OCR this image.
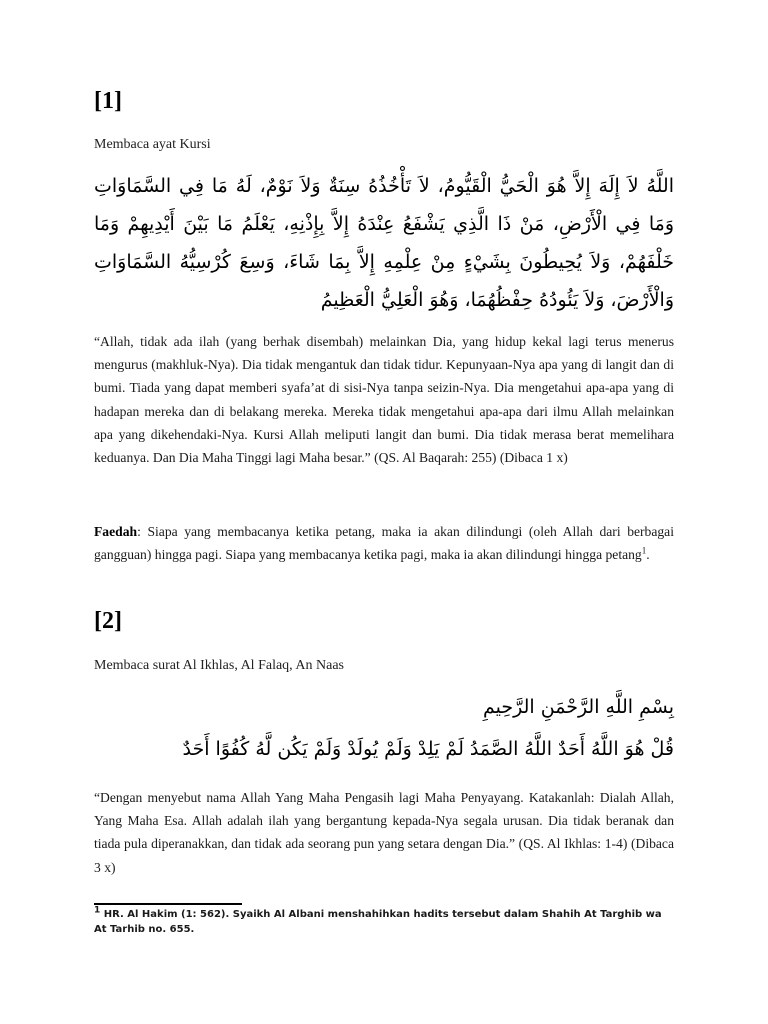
[1]
Membaca ayat Kursi
اللَّهُ لاَ إِلَهَ إِلاَّ هُوَ الْحَيُّ الْقَيُّومُ، لاَ تَأْخُذُهُ سِنَةٌ وَلاَ نَوْمٌ، لَهُ مَا فِي السَّمَاوَاتِ وَمَا فِي الْأَرْضِ، مَنْ ذَا الَّذِي يَشْفَعُ عِنْدَهُ إِلاَّ بِإِذْنِهِ، يَعْلَمُ مَا بَيْنَ أَيْدِيهِمْ وَمَا خَلْفَهُمْ، وَلاَ يُحِيطُونَ بِشَيْءٍ مِنْ عِلْمِهِ إِلاَّ بِمَا شَاءَ، وَسِعَ كُرْسِيُّهُ السَّمَاوَاتِ وَالْأَرْضَ، وَلاَ يَئُودُهُ حِفْظُهُمَا، وَهُوَ الْعَلِيُّ الْعَظِيمُ
“Allah, tidak ada ilah (yang berhak disembah) melainkan Dia, yang hidup kekal lagi terus menerus mengurus (makhluk-Nya). Dia tidak mengantuk dan tidak tidur. Kepunyaan-Nya apa yang di langit dan di bumi. Tiada yang dapat memberi syafa’at di sisi-Nya tanpa seizin-Nya. Dia mengetahui apa-apa yang di hadapan mereka dan di belakang mereka. Mereka tidak mengetahui apa-apa dari ilmu Allah melainkan apa yang dikehendaki-Nya. Kursi Allah meliputi langit dan bumi. Dia tidak merasa berat memelihara keduanya. Dan Dia Maha Tinggi lagi Maha besar.” (QS. Al Baqarah: 255) (Dibaca 1 x)
Faedah: Siapa yang membacanya ketika petang, maka ia akan dilindungi (oleh Allah dari berbagai gangguan) hingga pagi. Siapa yang membacanya ketika pagi, maka ia akan dilindungi hingga petang$^1$.
[2]
Membaca surat Al Ikhlas, Al Falaq, An Naas
بِسْمِ اللَّهِ الرَّحْمَنِ الرَّحِيمِ
قُلْ هُوَ اللَّهُ أَحَدٌ اللَّهُ الصَّمَدُ لَمْ يَلِدْ وَلَمْ يُولَدْ وَلَمْ يَكُن لَّهُ كُفُوًا أَحَدٌ
“Dengan menyebut nama Allah Yang Maha Pengasih lagi Maha Penyayang. Katakanlah: Dialah Allah, Yang Maha Esa. Allah adalah ilah yang bergantung kepada-Nya segala urusan. Dia tidak beranak dan tiada pula diperanakkan, dan tidak ada seorang pun yang setara dengan Dia.” (QS. Al Ikhlas: 1-4) (Dibaca 3 x)
$^1$ HR. Al Hakim (1: 562). Syaikh Al Albani menshahihkan hadits tersebut dalam Shahih At Targhib wa At Tarhib no. 655.
